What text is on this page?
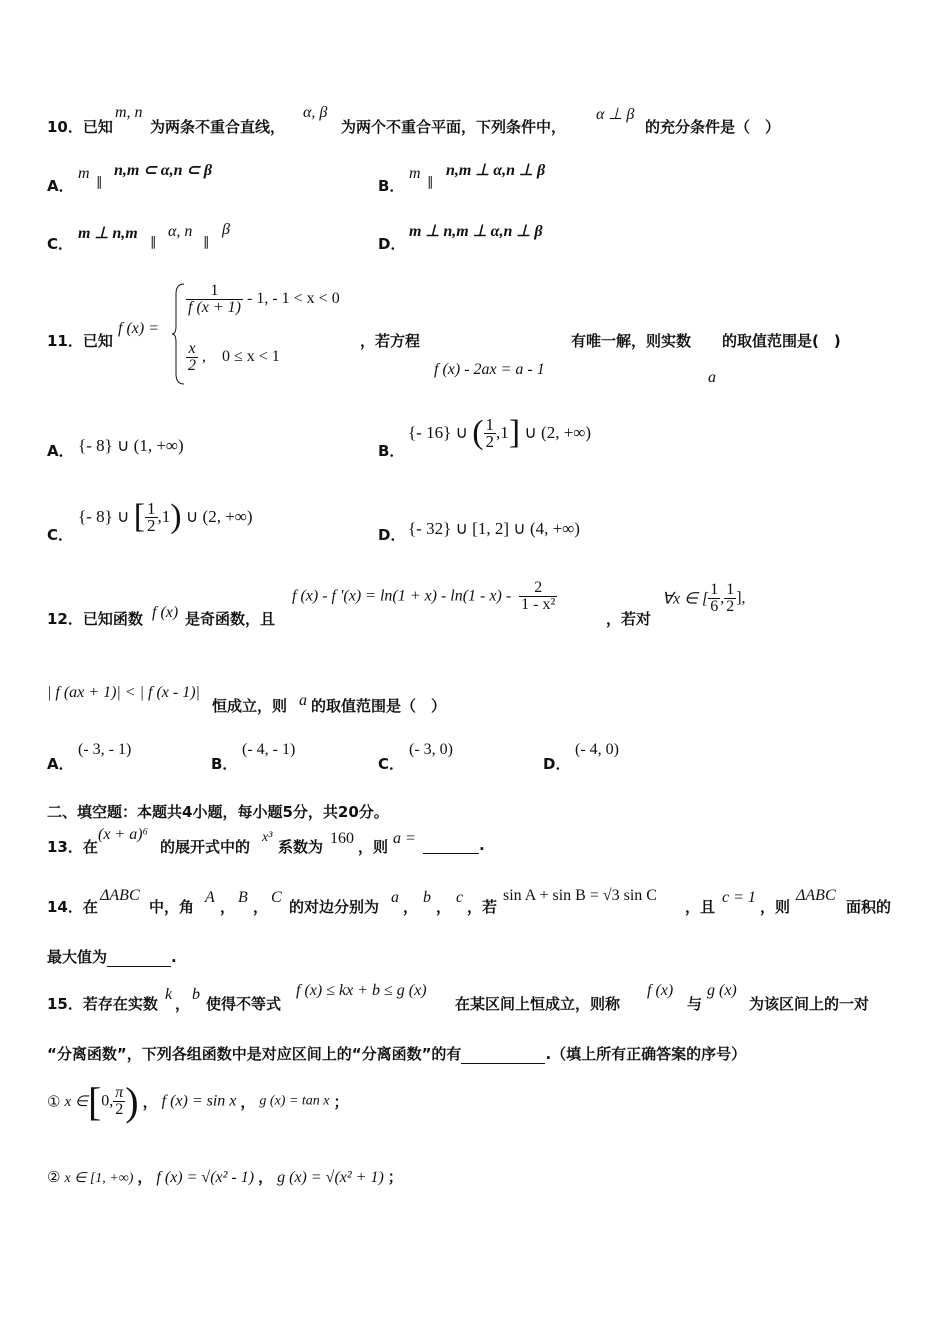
10．已知
m, n
为两条不重合直线，
α, β
为两个不重合平面，下列条件中，
α ⊥ β
的充分条件是（　）
A．
m ∥
n,m ⊂ α,n ⊂ β
B．
m ∥
n,m ⊥ α,n ⊥ β
C．
m ⊥ n,m ∥
α, n
∥
β
D．
m ⊥ n,m ⊥ α,n ⊥ β
11．已知
f (x) =
$\frac{1}{f (x + 1)} - 1$, - 1 < x < 0
$\frac{x}{2}$ ,　0 ≤ x < 1
，若方程
f (x) - 2ax = a - 1
有唯一解，则实数
a
的取值范围是(　)
A． {- 8} ∪ (1, +∞)	B．
{- 16} ∪ ( $\frac{1}{2} ,1$] ∪ (2, +∞)
C．
{- 8} ∪ [ $\frac{1}{2} ,1$) ∪ (2, +∞)
D． {- 32} ∪ [1, 2] ∪ (4, +∞)
12．已知函数 f (x) 是奇函数，且
f (x) - f '$(x) = \ln(1 + x) - \ln(1 - x) - \frac{2}{\text{1 - x²}}$
，若对
∀x ∈ [ $\frac{1}{6}$ , $\frac{1}{2}$ ],
| f (ax + 1)| < | f (x - 1)|
恒成立，则 a 的取值范围是（　）
A．
(- 3, - 1)
B．
(- 4, - 1)
C．
(- 3, 0)
D．
(- 4, 0)
二、填空题：本题共4小题，每小题5分，共20分。
13．在
(x + a)⁶
的展开式中的
x³
系数为 160 ，则 a =	.
14．在
ΔABC
中，角
A
，
B
，
C
的对边分别为
a
，
b
，
c
，若
sin A + sin B = √3 sin C
，且
c = 1
，则
ΔABC
面积的
最大值为	.
15．若存在实数
k
，
b
使得不等式
f (x) ≤ kx + b ≤ g (x)
在某区间上恒成立，则称
f (x)
与
g (x)
为该区间上的一对
“分离函数”，下列各组函数中是对应区间上的“分离函数”的有	.（填上所有正确答案的序号）
① x ∈[0, $\frac{\pi}{2}$ ) ， f (x) = sin x ， g (x) = tan x ；
② x ∈ [1, +∞) ， f (x) = √(x² - 1) ， g (x) = √(x² + 1) ；
